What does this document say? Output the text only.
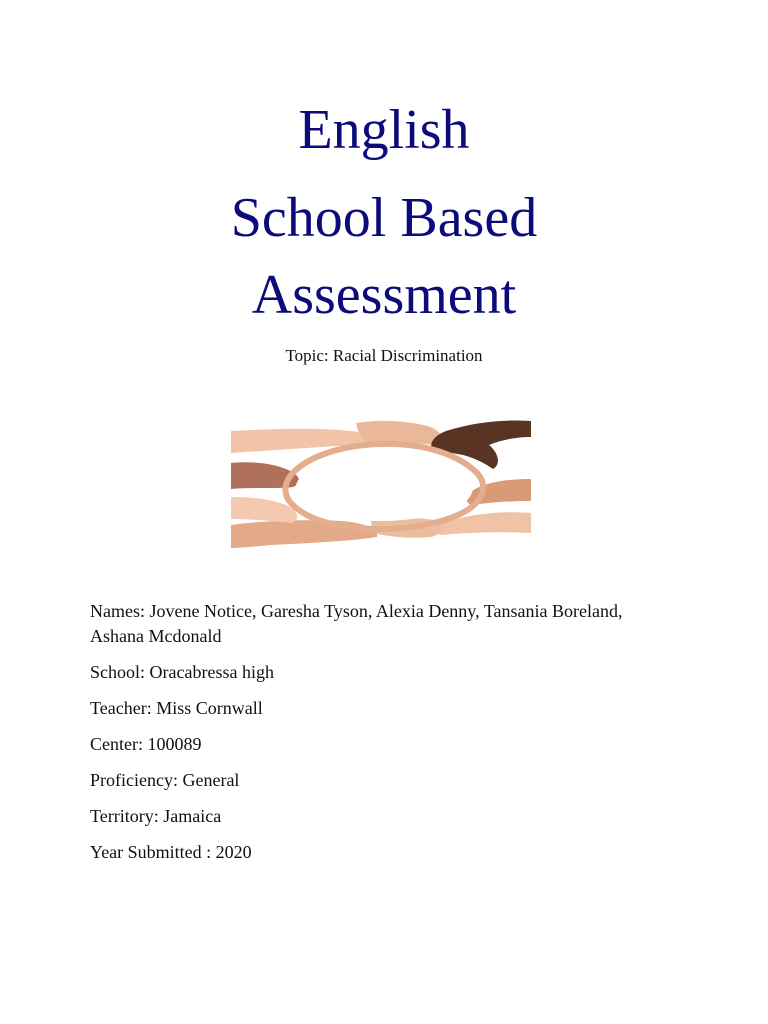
English
School Based
Assessment
Topic: Racial Discrimination

Names: Jovene Notice, Garesha Tyson, Alexia Denny, Tansania Boreland,
Ashana Mcdonald

School: Oracabressa high

Teacher: Miss Cornwall

Center: 100089

Proficiency: General

Territory: Jamaica

Year Submitted : 2020
